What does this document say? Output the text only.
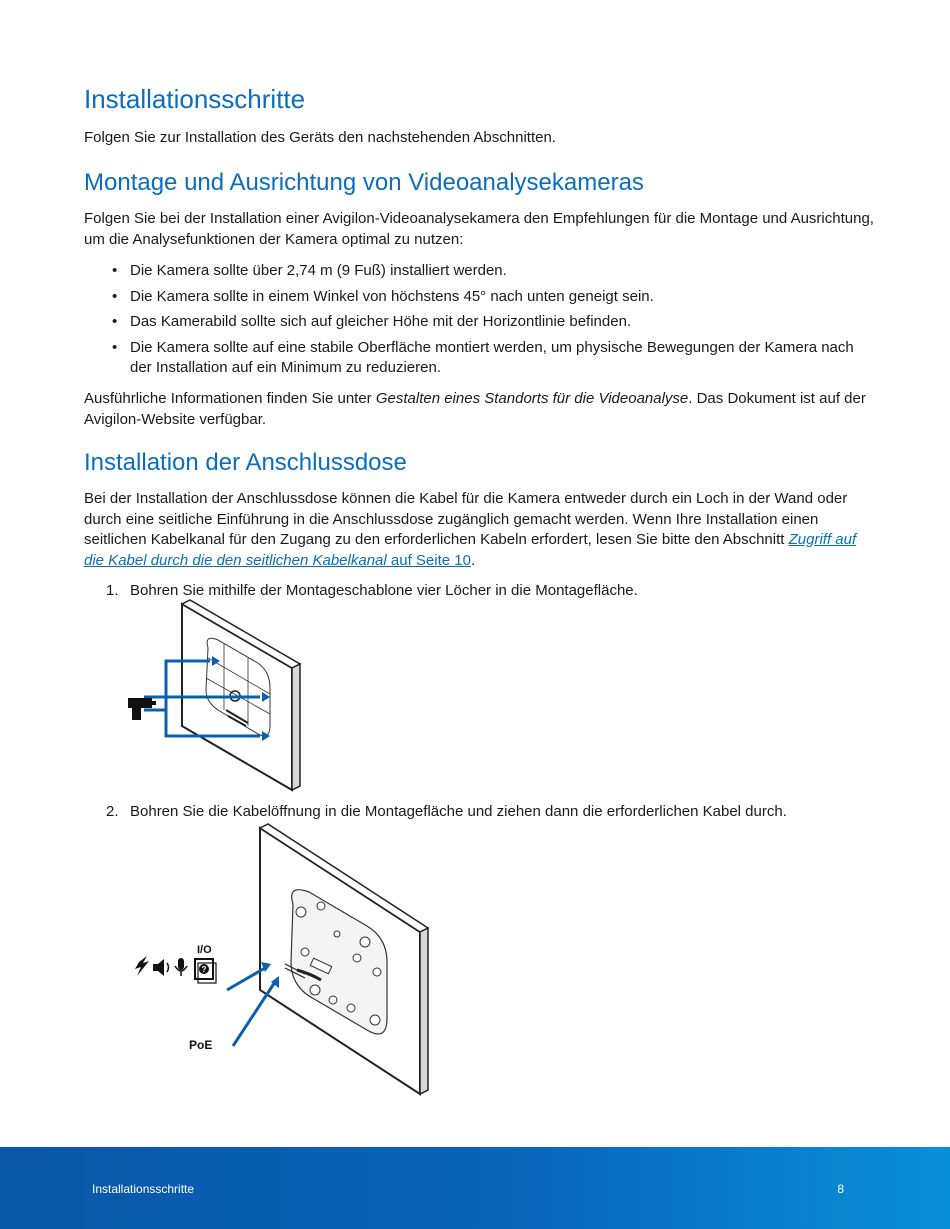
Installationsschritte

Folgen Sie zur Installation des Geräts den nachstehenden Abschnitten.

Montage und Ausrichtung von Videoanalysekameras

Folgen Sie bei der Installation einer Avigilon-Videoanalysekamera den Empfehlungen für die Montage und Ausrichtung, um die Analysefunktionen der Kamera optimal zu nutzen:

• Die Kamera sollte über 2,74 m (9 Fuß) installiert werden.
• Die Kamera sollte in einem Winkel von höchstens 45° nach unten geneigt sein.
• Das Kamerabild sollte sich auf gleicher Höhe mit der Horizontlinie befinden.
• Die Kamera sollte auf eine stabile Oberfläche montiert werden, um physische Bewegungen der Kamera nach der Installation auf ein Minimum zu reduzieren.

Ausführliche Informationen finden Sie unter Gestalten eines Standorts für die Videoanalyse. Das Dokument ist auf der Avigilon-Website verfügbar.

Installation der Anschlussdose

Bei der Installation der Anschlussdose können die Kabel für die Kamera entweder durch ein Loch in der Wand oder durch eine seitliche Einführung in die Anschlussdose zugänglich gemacht werden. Wenn Ihre Installation einen seitlichen Kabelkanal für den Zugang zu den erforderlichen Kabeln erfordert, lesen Sie bitte den Abschnitt Zugriff auf die Kabel durch die den seitlichen Kabelkanal auf Seite 10.

1. Bohren Sie mithilfe der Montageschablone vier Löcher in die Montagefläche.
2. Bohren Sie die Kabelöffnung in die Montagefläche und ziehen dann die erforderlichen Kabel durch.
?
I/O
PoE
Installationsschritte	8
